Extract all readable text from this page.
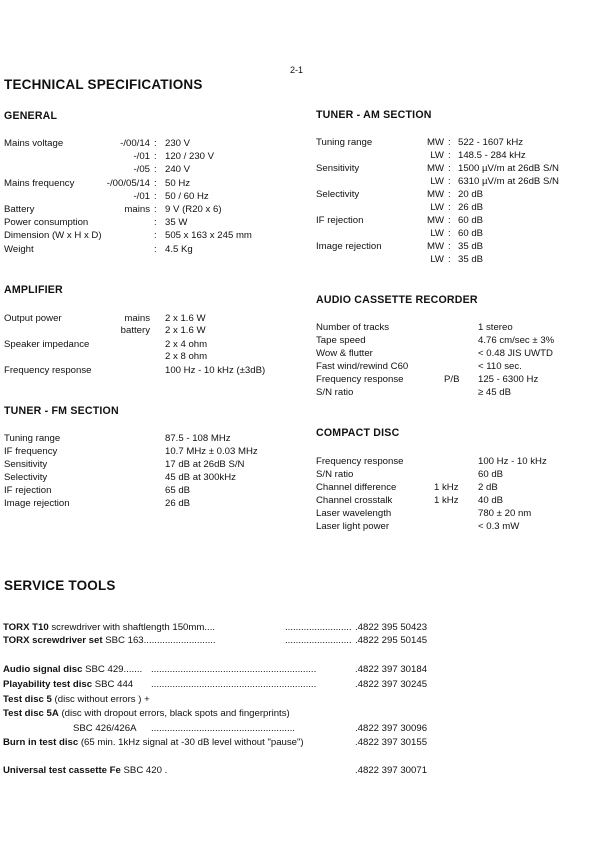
2-1
TECHNICAL SPECIFICATIONS
GENERAL
Mains voltage	-/00/14 : 230 V
-/01 : 120 / 230 V
-/05 : 240 V
Mains frequency	-/00/05/14 : 50 Hz
-/01 : 50 / 60 Hz
Battery	mains : 9 V (R20 x 6)
Power consumption	: 35 W
Dimension (W x H x D)	: 505 x 163 x 245 mm
Weight	: 4.5 Kg
AMPLIFIER
Output power	mains 2 x 1.6 W
battery 2 x 1.6 W
Speaker impedance	2 x 4 ohm
2 x 8 ohm
Frequency response	100 Hz - 10 kHz (±3dB)
TUNER - FM SECTION
Tuning range	87.5 - 108 MHz
IF frequency	10.7 MHz ± 0.03 MHz
Sensitivity	17 dB at 26dB S/N
Selectivity	45 dB at 300kHz
IF rejection	65 dB
Image rejection	26 dB
TUNER - AM SECTION
Tuning range	MW : 522 - 1607 kHz
LW : 148.5 - 284 kHz
Sensitivity	MW : 1500 µV/m at 26dB S/N
LW : 6310 µV/m at 26dB S/N
Selectivity	MW : 20 dB
LW : 26 dB
IF rejection	MW : 60 dB
LW : 60 dB
Image rejection	MW : 35 dB
LW : 35 dB
AUDIO CASSETTE RECORDER
Number of tracks	1 stereo
Tape speed	4.76 cm/sec ± 3%
Wow & flutter	< 0.48 JIS UWTD
Fast wind/rewind C60	< 110 sec.
Frequency response	P/B 125 - 6300 Hz
S/N ratio	≥ 45 dB
COMPACT DISC
Frequency response	100 Hz - 10 kHz
S/N ratio	60 dB
Channel difference	1 kHz 2 dB
Channel crosstalk	1 kHz 40 dB
Laser wavelength	780 ± 20 nm
Laser light power	< 0.3 mW
SERVICE TOOLS
TORX T10 screwdriver with shaftlength 150mm....	......................... .4822 395 50423
TORX screwdriver set SBC 163...........................	......................... .4822 295 50145
Audio signal disc SBC 429....... ..............................................................	.4822 397 30184
Playability test disc SBC 444 ..............................................................	.4822 397 30245
Test disc 5 (disc without errors ) +
Test disc 5A (disc with dropout errors, black spots and fingerprints)
SBC 426/426A ......................................................	.4822 397 30096
Burn in test disc (65 min. 1kHz signal at -30 dB level without "pause")	.4822 397 30155
Universal test cassette Fe SBC 420 .	.4822 397 30071
